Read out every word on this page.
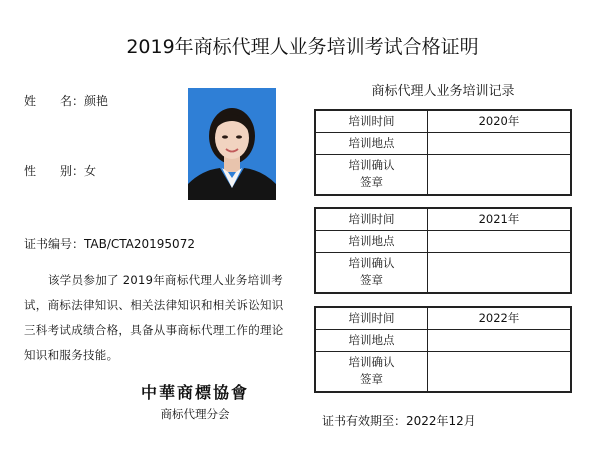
2019年商标代理人业务培训考试合格证明
姓　　名：颜艳
性　　别：女
证书编号：TAB/CTA20195072
该学员参加了 2019年商标代理人业务培训考试，商标法律知识、相关法律知识和相关诉讼知识三科考试成绩合格，具备从事商标代理工作的理论知识和服务技能。
中華商標協會
商标代理分会
商标代理人业务培训记录
培训时间	2020年
培训地点	
培训确认
签章	
培训时间	2021年
培训地点	
培训确认
签章	
培训时间	2022年
培训地点	
培训确认
签章	
证书有效期至：2022年12月
